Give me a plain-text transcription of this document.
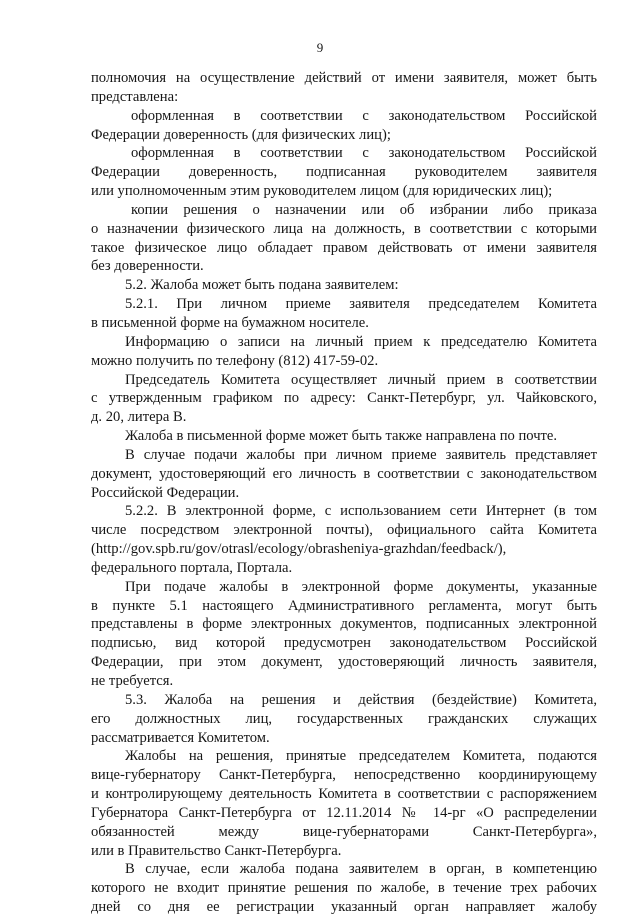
9
полномочия на осуществление действий от имени заявителя, может быть
представлена:
оформленная в соответствии с законодательством Российской
Федерации доверенность (для физических лиц);
оформленная в соответствии с законодательством Российской
Федерации доверенность, подписанная руководителем заявителя
или уполномоченным этим руководителем лицом (для юридических лиц);
копии решения о назначении или об избрании либо приказа
о назначении физического лица на должность, в соответствии с которыми
такое физическое лицо обладает правом действовать от имени заявителя
без доверенности.
5.2. Жалоба может быть подана заявителем:
5.2.1. При личном приеме заявителя председателем Комитета
в письменной форме на бумажном носителе.
Информацию о записи на личный прием к председателю Комитета
можно получить по телефону (812) 417-59-02.
Председатель Комитета осуществляет личный прием в соответствии
с утвержденным графиком по адресу: Санкт-Петербург, ул. Чайковского,
д. 20, литера В.
Жалоба в письменной форме может быть также направлена по почте.
В случае подачи жалобы при личном приеме заявитель представляет
документ, удостоверяющий его личность в соответствии с законодательством
Российской Федерации.
5.2.2. В электронной форме, с использованием сети Интернет (в том
числе посредством электронной почты), официального сайта Комитета
(http://gov.spb.ru/gov/otrasl/ecology/obrasheniya-grazhdan/feedback/),
федерального портала, Портала.
При подаче жалобы в электронной форме документы, указанные
в пункте 5.1 настоящего Административного регламента, могут быть
представлены в форме электронных документов, подписанных электронной
подписью, вид которой предусмотрен законодательством Российской
Федерации, при этом документ, удостоверяющий личность заявителя,
не требуется.
5.3. Жалоба на решения и действия (бездействие) Комитета,
его должностных лиц, государственных гражданских служащих
рассматривается Комитетом.
Жалобы на решения, принятые председателем Комитета, подаются
вице-губернатору Санкт-Петербурга, непосредственно координирующему
и контролирующему деятельность Комитета в соответствии с распоряжением
Губернатора Санкт-Петербурга от 12.11.2014 № 14-рг «О распределении
обязанностей между вице-губернаторами Санкт-Петербурга»,
или в Правительство Санкт-Петербурга.
В случае, если жалоба подана заявителем в орган, в компетенцию
которого не входит принятие решения по жалобе, в течение трех рабочих
дней со дня ее регистрации указанный орган направляет жалобу
